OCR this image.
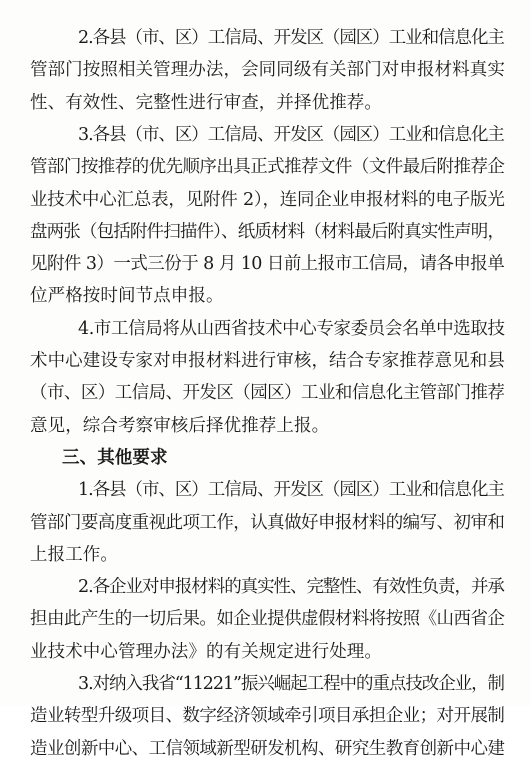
2.各县（市、区）工信局、开发区（园区）工业和信息化主
管部门按照相关管理办法，会同同级有关部门对申报材料真实
性、有效性、完整性进行审查，并择优推荐。
3.各县（市、区）工信局、开发区（园区）工业和信息化主
管部门按推荐的优先顺序出具正式推荐文件（文件最后附推荐企
业技术中心汇总表，见附件 2），连同企业申报材料的电子版光
盘两张（包括附件扫描件）、纸质材料（材料最后附真实性声明，
见附件 3）一式三份于 8 月 10 日前上报市工信局，请各申报单
位严格按时间节点申报。
4.市工信局将从山西省技术中心专家委员会名单中选取技
术中心建设专家对申报材料进行审核，结合专家推荐意见和县
（市、区）工信局、开发区（园区）工业和信息化主管部门推荐
意见，综合考察审核后择优推荐上报。
三、其他要求
1.各县（市、区）工信局、开发区（园区）工业和信息化主
管部门要高度重视此项工作，认真做好申报材料的编写、初审和
上报工作。
2.各企业对申报材料的真实性、完整性、有效性负责，并承
担由此产生的一切后果。如企业提供虚假材料将按照《山西省企
业技术中心管理办法》的有关规定进行处理。
3.对纳入我省“11221”振兴崛起工程中的重点技改企业，制
造业转型升级项目、数字经济领域牵引项目承担企业；对开展制
造业创新中心、工信领域新型研发机构、研究生教育创新中心建
